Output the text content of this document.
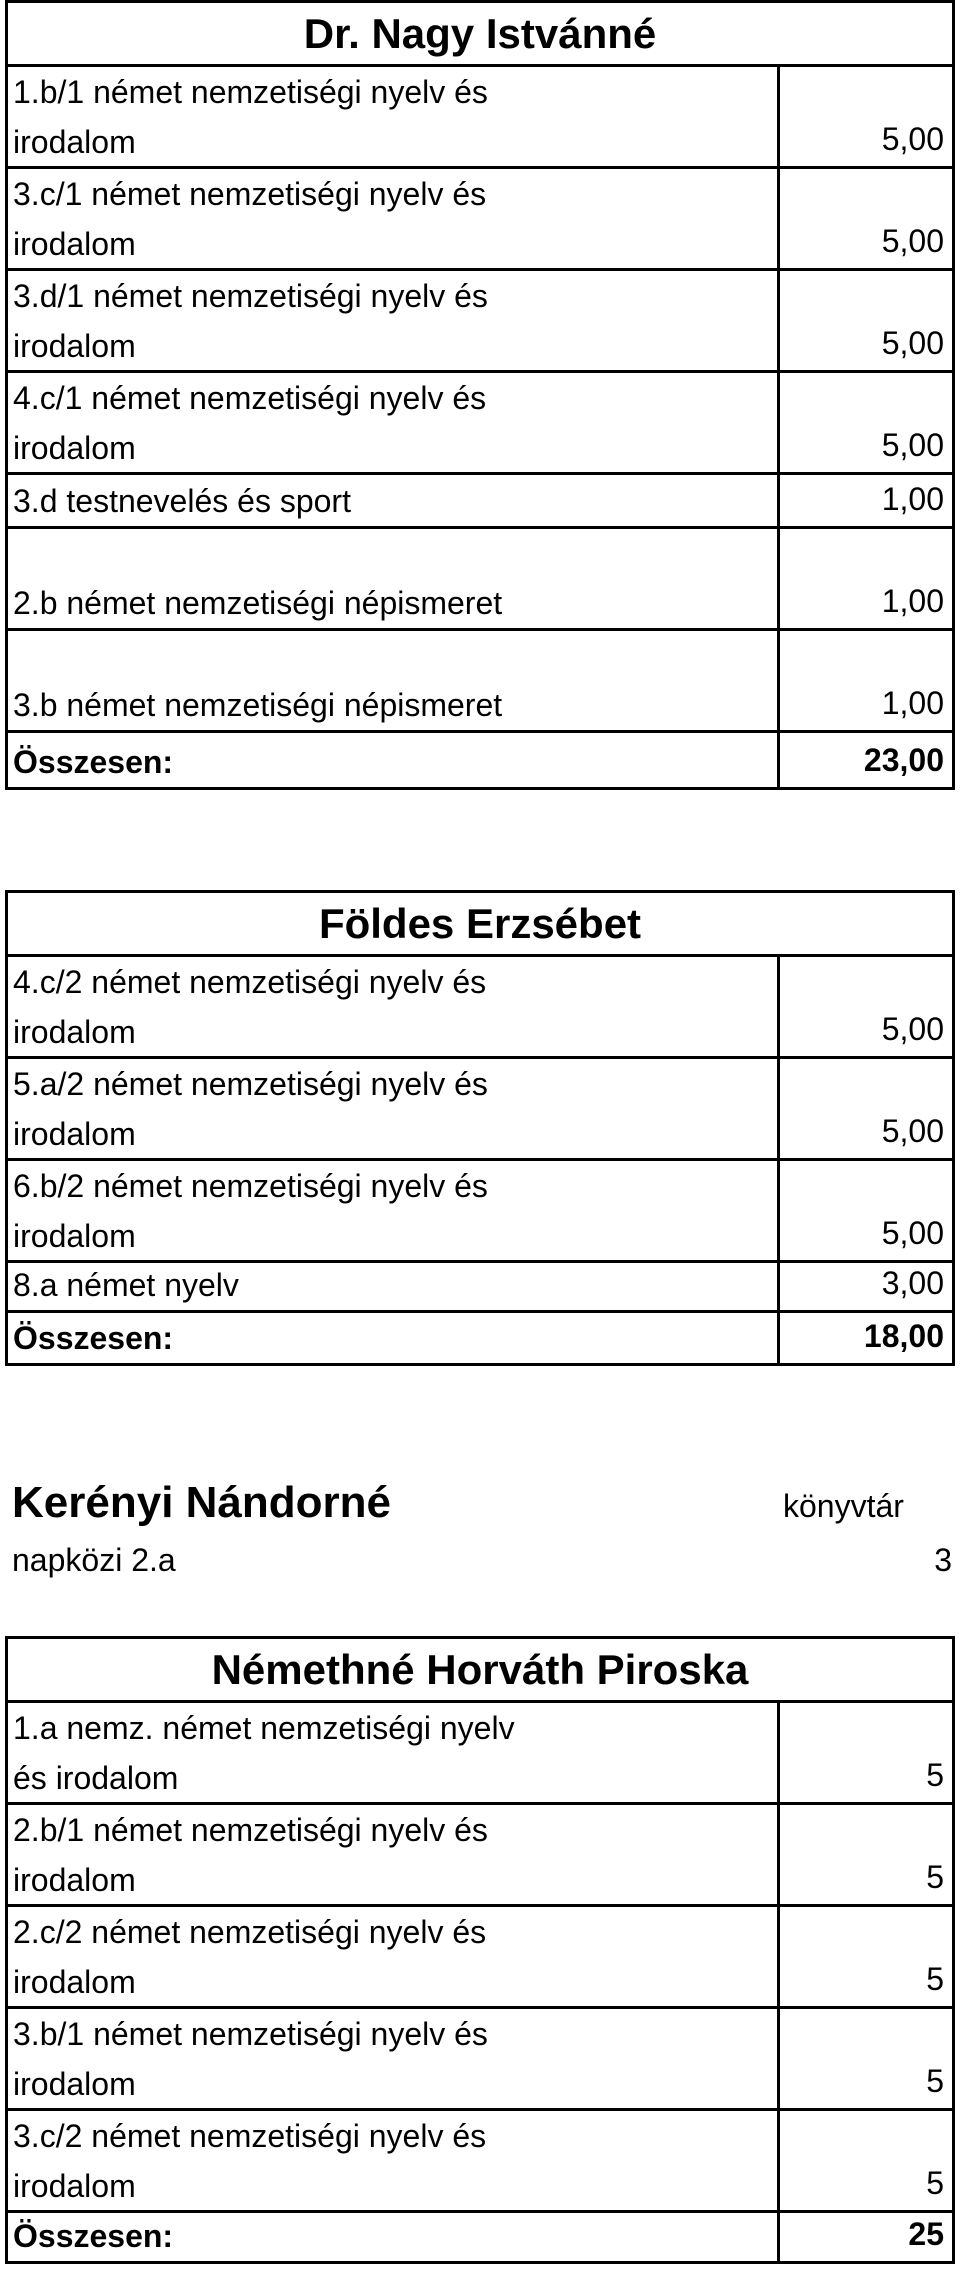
Dr. Nagy Istvánné
1.b/1 német nemzetiségi nyelv és
irodalom	5,00
3.c/1 német nemzetiségi nyelv és
irodalom	5,00
3.d/1 német nemzetiségi nyelv és
irodalom	5,00
4.c/1 német nemzetiségi nyelv és
irodalom	5,00
3.d testnevelés és sport	1,00
2.b német nemzetiségi népismeret	1,00
3.b német nemzetiségi népismeret	1,00
Összesen:	23,00
Földes Erzsébet
4.c/2 német nemzetiségi nyelv és
irodalom	5,00
5.a/2 német nemzetiségi nyelv és
irodalom	5,00
6.b/2 német nemzetiségi nyelv és
irodalom	5,00
8.a német nyelv	3,00
Összesen:	18,00
Kerényi Nándorné	könyvtár
napközi 2.a	3
Némethné Horváth Piroska
1.a nemz. német nemzetiségi nyelv
és irodalom	5
2.b/1 német nemzetiségi nyelv és
irodalom	5
2.c/2 német nemzetiségi nyelv és
irodalom	5
3.b/1 német nemzetiségi nyelv és
irodalom	5
3.c/2 német nemzetiségi nyelv és
irodalom	5
Összesen:	25
